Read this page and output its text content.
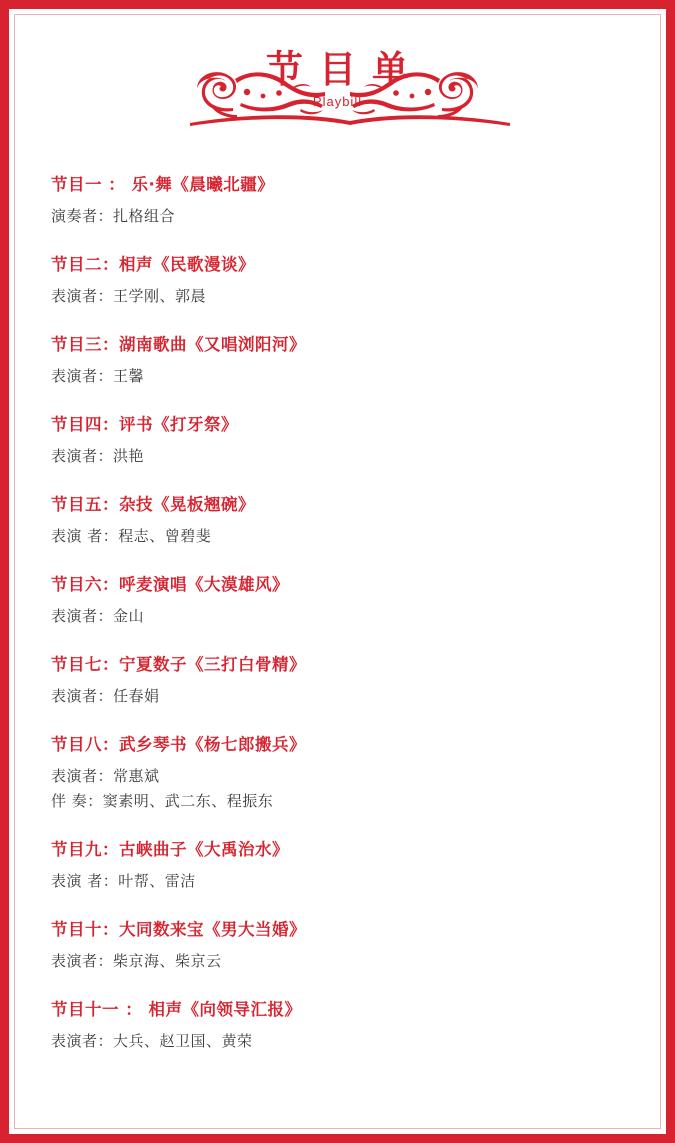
节目单
Playbill
节目一 ： 乐·舞《晨曦北疆》
演奏者：扎格组合
节目二：相声《民歌漫谈》
表演者：王学刚、郭晨
节目三：湖南歌曲《又唱浏阳河》
表演者：王馨
节目四：评书《打牙祭》
表演者：洪艳
节目五：杂技《晃板翘碗》
表演 者：程志、曾碧斐
节目六：呼麦演唱《大漠雄风》
表演者：金山
节目七：宁夏数子《三打白骨精》
表演者：任春娟
节目八：武乡琴书《杨七郎搬兵》
表演者：常惠斌
伴 奏：窦素明、武二东、程振东
节目九：古峡曲子《大禹治水》
表演 者：叶帮、雷洁
节目十：大同数来宝《男大当婚》
表演者：柴京海、柴京云
节目十一 ： 相声《向领导汇报》
表演者：大兵、赵卫国、黄荣
